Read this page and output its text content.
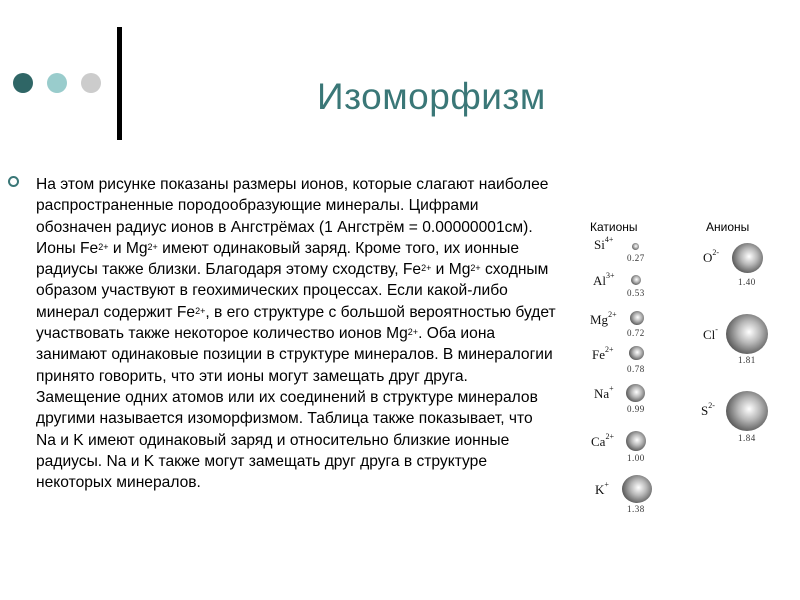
Изоморфизм
На этом рисунке показаны размеры ионов, которые слагают наиболее распространенные породообразующие минералы. Цифрами обозначен радиус ионов в Ангстрёмах (1 Ангстрём = 0.00000001см). Ионы $Fe^{2+}$ и $Mg^{2+}$ имеют одинаковый заряд. Кроме того, их ионные радиусы также близки. Благодаря этому сходству, $Fe^{2+}$ и $Mg^{2+}$ сходным образом участвуют в геохимических процессах. Если какой-либо минерал содержит $Fe^{2+}$, в его структуре с большой вероятностью будет участвовать также некоторое количество ионов $Mg^{2+}$. Оба иона занимают одинаковые позиции в структуре минералов. В минералогии принято говорить, что эти ионы могут замещать друг друга. Замещение одних атомов или их соединений в структуре минералов другими называется изоморфизмом. Таблица также показывает, что Na и K имеют одинаковый заряд и относительно близкие ионные радиусы. Na и K также могут замещать друг друга в структуре некоторых минералов.
Катионы	Анионы
$Si^{4+}$
0.27
$Al^{3+}$
0.53
$Mg^{2+}$
0.72
$Fe^{2+}$
0.78
Na+
0.99
$Ca^{2+}$
1.00
K+
1.38
$O^{2-}$
1.40
Cl-
1.81
$S^{2-}$
1.84
